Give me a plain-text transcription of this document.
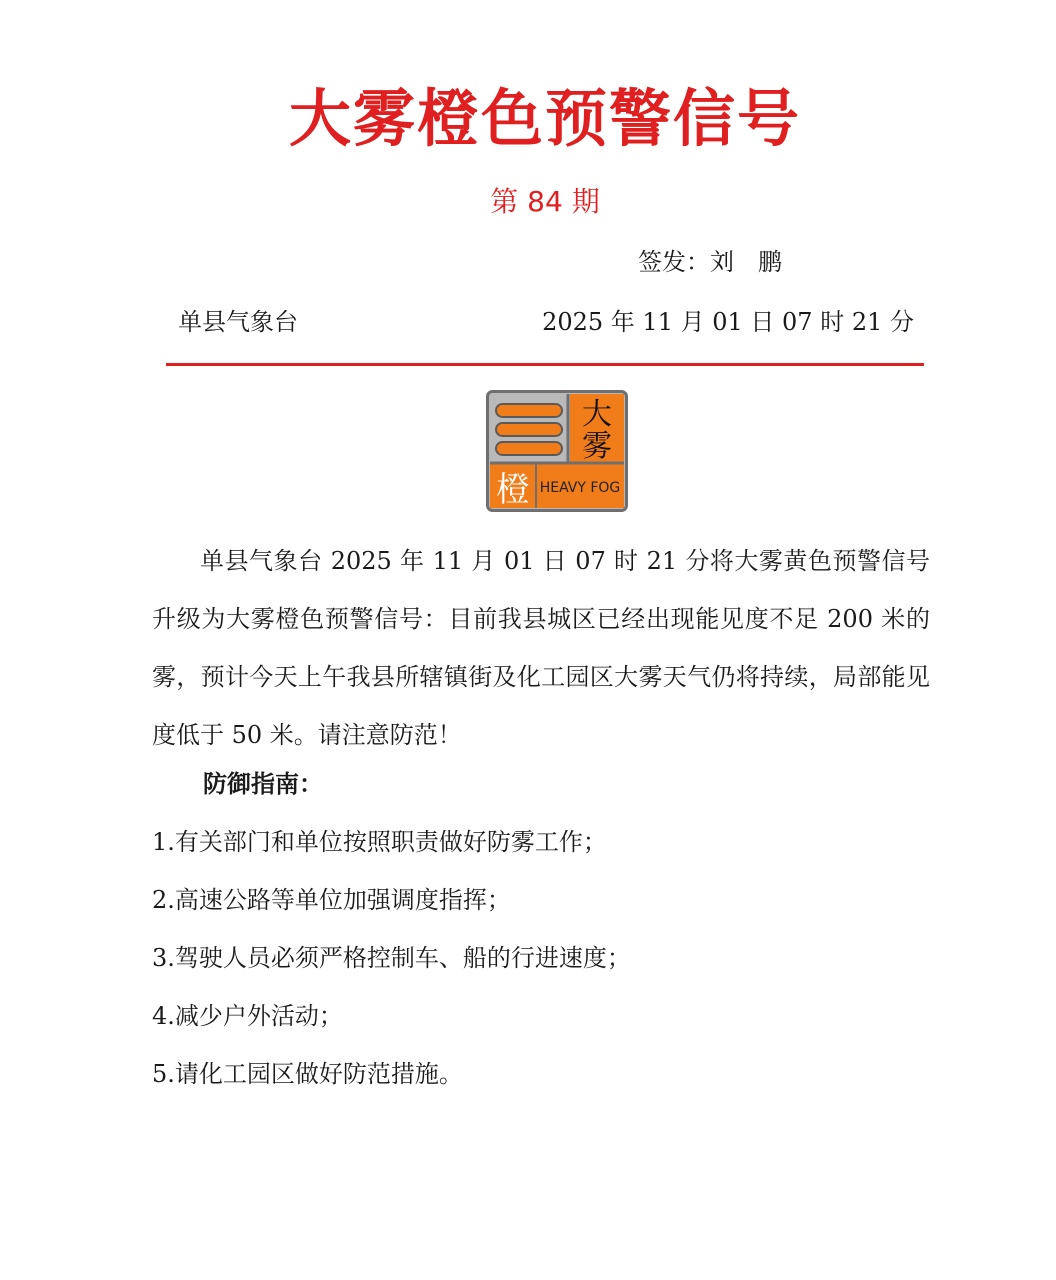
大雾橙色预警信号
第 84 期
签发：刘　鹏
单县气象台	2025 年 11 月 01 日 07 时 21 分
大
雾
橙 HEAVY FOG
单县气象台 2025 年 11 月 01 日 07 时 21 分将大雾黄色预警信号升级为大雾橙色预警信号：目前我县城区已经出现能见度不足 200 米的雾，预计今天上午我县所辖镇街及化工园区大雾天气仍将持续，局部能见度低于 50 米。请注意防范！
防御指南：
1.有关部门和单位按照职责做好防雾工作；
2.高速公路等单位加强调度指挥；
3.驾驶人员必须严格控制车、船的行进速度；
4.减少户外活动；
5.请化工园区做好防范措施。
